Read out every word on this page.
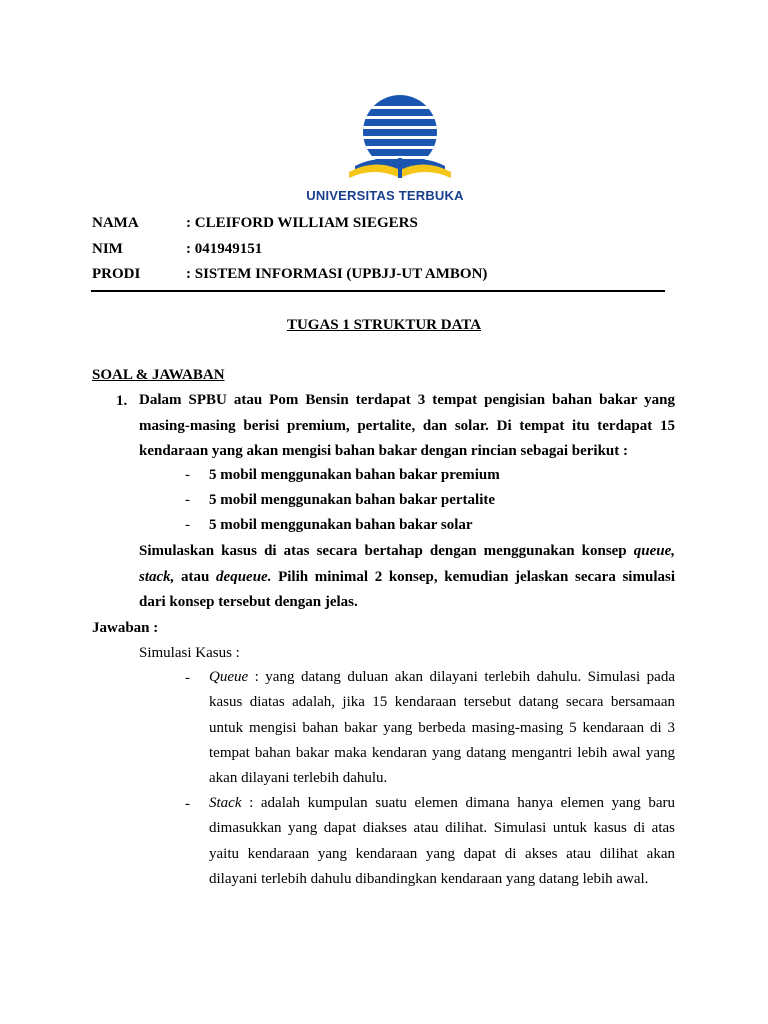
UNIVERSITAS TERBUKA
NAMA	: CLEIFORD WILLIAM SIEGERS
NIM	: 041949151
PRODI	: SISTEM INFORMASI (UPBJJ-UT AMBON)
TUGAS 1 STRUKTUR DATA
SOAL & JAWABAN
1. Dalam SPBU atau Pom Bensin terdapat 3 tempat pengisian bahan bakar yang masing-masing berisi premium, pertalite, dan solar. Di tempat itu terdapat 15 kendaraan yang akan mengisi bahan bakar dengan rincian sebagai berikut :
- 5 mobil menggunakan bahan bakar premium
- 5 mobil menggunakan bahan bakar pertalite
- 5 mobil menggunakan bahan bakar solar
Simulaskan kasus di atas secara bertahap dengan menggunakan konsep queue, stack, atau dequeue. Pilih minimal 2 konsep, kemudian jelaskan secara simulasi dari konsep tersebut dengan jelas.
Jawaban :
Simulasi Kasus :
- Queue : yang datang duluan akan dilayani terlebih dahulu. Simulasi pada kasus diatas adalah, jika 15 kendaraan tersebut datang secara bersamaan untuk mengisi bahan bakar yang berbeda masing-masing 5 kendaraan di 3 tempat bahan bakar maka kendaran yang datang mengantri lebih awal yang akan dilayani terlebih dahulu.
- Stack : adalah kumpulan suatu elemen dimana hanya elemen yang baru dimasukkan yang dapat diakses atau dilihat. Simulasi untuk kasus di atas yaitu kendaraan yang kendaraan yang dapat di akses atau dilihat akan dilayani terlebih dahulu dibandingkan kendaraan yang datang lebih awal.
